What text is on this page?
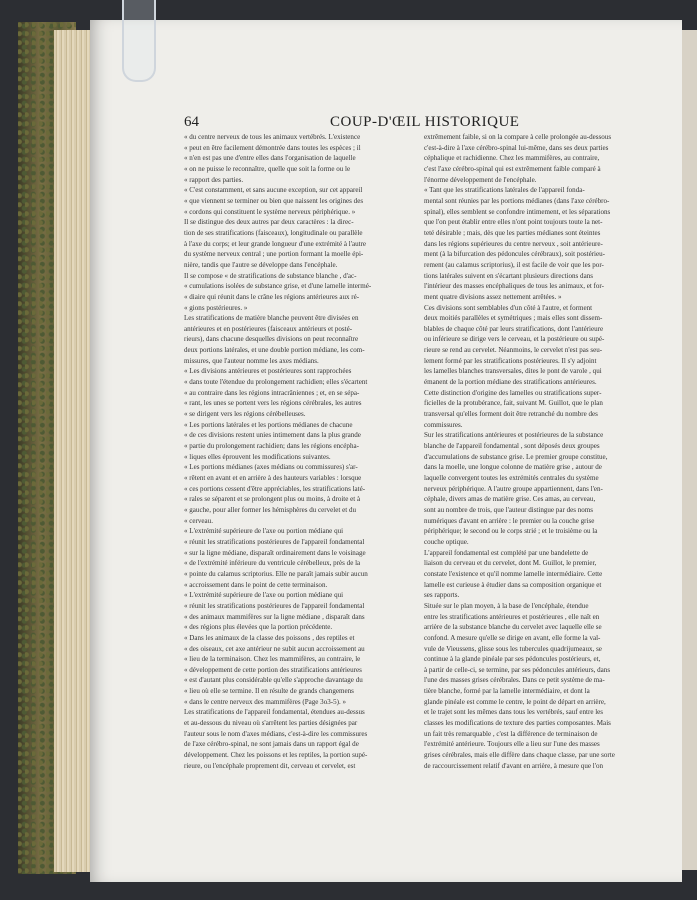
64	COUP-D'ŒIL HISTORIQUE

« du centre nerveux de tous les animaux vertébrés. L'existence

« peut en être facilement démontrée dans toutes les espèces ; il

« n'en est pas une d'entre elles dans l'organisation de laquelle

« on ne puisse le reconnaître, quelle que soit la forme ou le

« rapport des parties.

« C'est constamment, et sans aucune exception, sur cet appareil

« que viennent se terminer ou bien que naissent les origines des

« cordons qui constituent le système nerveux périphérique. »

Il se distingue des deux autres par deux caractères : la direc-

tion de ses stratifications (faisceaux), longitudinale ou parallèle

à l'axe du corps; et leur grande longueur d'une extrémité à l'autre

du système nerveux central ; une portion formant la moelle épi-

nière, tandis que l'autre se développe dans l'encéphale.

Il se compose « de stratifications de substance blanche , d'ac-

« cumulations isolées de substance grise, et d'une lamelle intermé-

« diaire qui réunit dans le crâne les régions antérieures aux ré-

« gions postérieures. »

Les stratifications de matière blanche peuvent être divisées en

antérieures et en postérieures (faisceaux antérieurs et posté-

rieurs), dans chacune desquelles divisions on peut reconnaître

deux portions latérales, et une double portion médiane, les com-

missures, que l'auteur nomme les axes médians.

« Les divisions antérieures et postérieures sont rapprochées

« dans toute l'étendue du prolongement rachidien; elles s'écartent

« au contraire dans les régions intracrâniennes ; et, en se sépa-

« rant, les unes se portent vers les régions cérébrales, les autres

« se dirigent vers les régions cérébelleuses.

« Les portions latérales et les portions médianes de chacune

« de ces divisions restent unies intimement dans la plus grande

« partie du prolongement rachidien; dans les régions encépha-

« liques elles éprouvent les modifications suivantes.

« Les portions médianes (axes médians ou commissures) s'ar-

« rêtent en avant et en arrière à des hauteurs variables : lorsque

« ces portions cessent d'être appréciables, les stratifications laté-

« rales se séparent et se prolongent plus ou moins, à droite et à

« gauche, pour aller former les hémisphères du cervelet et du

« cerveau.

« L'extrémité supérieure de l'axe ou portion médiane qui

« réunit les stratifications postérieures de l'appareil fondamental

« sur la ligne médiane, disparaît ordinairement dans le voisinage

« de l'extrémité inférieure du ventricule cérébelleux, près de la

« pointe du calamus scriptorius. Elle ne paraît jamais subir aucun

« accroissement dans le point de cette terminaison.

« L'extrémité supérieure de l'axe ou portion médiane qui

« réunit les stratifications postérieures de l'appareil fondamental

« des animaux mammifères sur la ligne médiane , disparaît dans

« des régions plus élevées que la portion précédente.

« Dans les animaux de la classe des poissons , des reptiles et

« des oiseaux, cet axe antérieur ne subit aucun accroissement au

« lieu de la terminaison. Chez les mammifères, au contraire, le

« développement de cette portion des stratifications antérieures

« est d'autant plus considérable qu'elle s'approche davantage du

« lieu où elle se termine. Il en résulte de grands changemens

« dans le centre nerveux des mammifères (Page 3o3-5). »

Les stratifications de l'appareil fondamental, étendues au-dessus

et au-dessous du niveau où s'arrêtent les parties désignées par

l'auteur sous le nom d'axes médians, c'est-à-dire les commissures

de l'axe cérébro-spinal, ne sont jamais dans un rapport égal de

développement. Chez les poissons et les reptiles, la portion supé-

rieure, ou l'encéphale proprement dit, cerveau et cervelet, est

extrêmement faible, si on la compare à celle prolongée au-dessous

c'est-à-dire à l'axe cérébro-spinal lui-même, dans ses deux parties

céphalique et rachidienne. Chez les mammifères, au contraire,

c'est l'axe cérébro-spinal qui est extrêmement faible comparé à

l'énorme développement de l'encéphale.

« Tant que les stratifications latérales de l'appareil fonda-

mental sont réunies par les portions médianes (dans l'axe cérébro-

spinal), elles semblent se confondre intimement, et les séparations

que l'on peut établir entre elles n'ont point toujours toute la net-

teté désirable ; mais, dès que les parties médianes sont éteintes

dans les régions supérieures du centre nerveux , soit antérieure-

ment (à la bifurcation des pédoncules cérébraux), soit postérieu-

rement (au calamus scriptorius), il est facile de voir que les por-

tions latérales suivent en s'écartant plusieurs directions dans

l'intérieur des masses encéphaliques de tous les animaux, et for-

ment quatre divisions assez nettement arrêtées. »

Ces divisions sont semblables d'un côté à l'autre, et forment

deux moitiés parallèles et symétriques ; mais elles sont dissem-

blables de chaque côté par leurs stratifications, dont l'antérieure

ou inférieure se dirige vers le cerveau, et la postérieure ou supé-

rieure se rend au cervelet. Néanmoins, le cervelet n'est pas seu-

lement formé par les stratifications postérieures. Il s'y adjoint

les lamelles blanches transversales, dites le pont de varole , qui

émanent de la portion médiane des stratifications antérieures.

Cette distinction d'origine des lamelles ou stratifications super-

ficielles de la protubérance, fait, suivant M. Guillot, que le plan

transversal qu'elles forment doit être retranché du nombre des

commissures.

Sur les stratifications antérieures et postérieures de la substance

blanche de l'appareil fondamental , sont déposés deux groupes

d'accumulations de substance grise. Le premier groupe constitue,

dans la moelle, une longue colonne de matière grise , autour de

laquelle convergent toutes les extrémités centrales du système

nerveux périphérique. A l'autre groupe appartiennent, dans l'en-

céphale, divers amas de matière grise. Ces amas, au cerveau,

sont au nombre de trois, que l'auteur distingue par des noms

numériques d'avant en arrière : le premier ou la couche grise

périphérique; le second ou le corps strié ; et le troisième ou la

couche optique.

L'appareil fondamental est complété par une bandelette de

liaison du cerveau et du cervelet, dont M. Guillot, le premier,

constate l'existence et qu'il nomme lamelle intermédiaire. Cette

lamelle est curieuse à étudier dans sa composition organique et

ses rapports.

Située sur le plan moyen, à la base de l'encéphale, étendue

entre les stratifications antérieures et postérieures , elle naît en

arrière de la substance blanche du cervelet avec laquelle elle se

confond. A mesure qu'elle se dirige en avant, elle forme la val-

vule de Vieussens, glisse sous les tubercules quadrijumeaux, se

continue à la glande pinéale par ses pédoncules postérieurs, et,

à partir de celle-ci, se termine, par ses pédoncules antérieurs, dans

l'une des masses grises cérébrales. Dans ce petit système de ma-

tière blanche, formé par la lamelle intermédiaire, et dont la

glande pinéale est comme le centre, le point de départ en arrière,

et le trajet sont les mêmes dans tous les vertébrés, sauf entre les

classes les modifications de texture des parties composantes. Mais

un fait très remarquable , c'est la différence de terminaison de

l'extrémité antérieure. Toujours elle a lieu sur l'une des masses

grises cérébrales, mais elle diffère dans chaque classe, par une sorte

de raccourcissement relatif d'avant en arrière, à mesure que l'on
